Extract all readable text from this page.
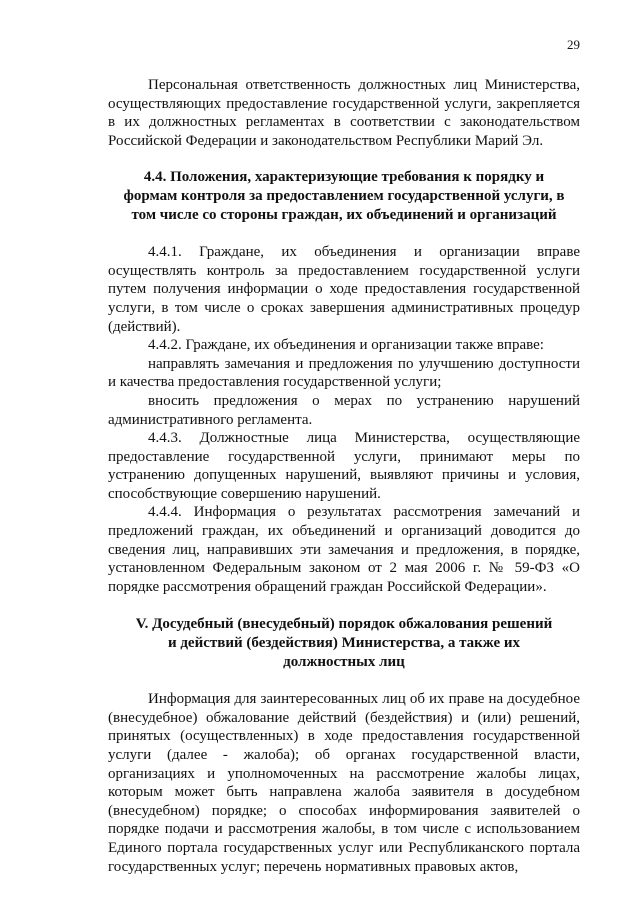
29

Персональная ответственность должностных лиц Министерства, осуществляющих предоставление государственной услуги, закрепляется в их должностных регламентах в соответствии с законодательством Российской Федерации и законодательством Республики Марий Эл.

4.4. Положения, характеризующие требования к порядку и
формам контроля за предоставлением государственной услуги, в
том числе со стороны граждан, их объединений и организаций

4.4.1. Граждане, их объединения и организации вправе осуществлять контроль за предоставлением государственной услуги путем получения информации о ходе предоставления государственной услуги, в том числе о сроках завершения административных процедур (действий).

4.4.2. Граждане, их объединения и организации также вправе:

направлять замечания и предложения по улучшению доступности и качества предоставления государственной услуги;

вносить предложения о мерах по устранению нарушений административного регламента.

4.4.3. Должностные лица Министерства, осуществляющие предоставление государственной услуги, принимают меры по устранению допущенных нарушений, выявляют причины и условия, способствующие совершению нарушений.

4.4.4. Информация о результатах рассмотрения замечаний и предложений граждан, их объединений и организаций доводится до сведения лиц, направивших эти замечания и предложения, в порядке, установленном Федеральным законом от 2 мая 2006 г. № 59-ФЗ «О порядке рассмотрения обращений граждан Российской Федерации».

V. Досудебный (внесудебный) порядок обжалования решений
и действий (бездействия) Министерства, а также их
должностных лиц

Информация для заинтересованных лиц об их праве на досудебное (внесудебное) обжалование действий (бездействия) и (или) решений, принятых (осуществленных) в ходе предоставления государственной услуги (далее - жалоба); об органах государственной власти, организациях и уполномоченных на рассмотрение жалобы лицах, которым может быть направлена жалоба заявителя в досудебном (внесудебном) порядке; о способах информирования заявителей о порядке подачи и рассмотрения жалобы, в том числе с использованием Единого портала государственных услуг или Республиканского портала государственных услуг; перечень нормативных правовых актов,
